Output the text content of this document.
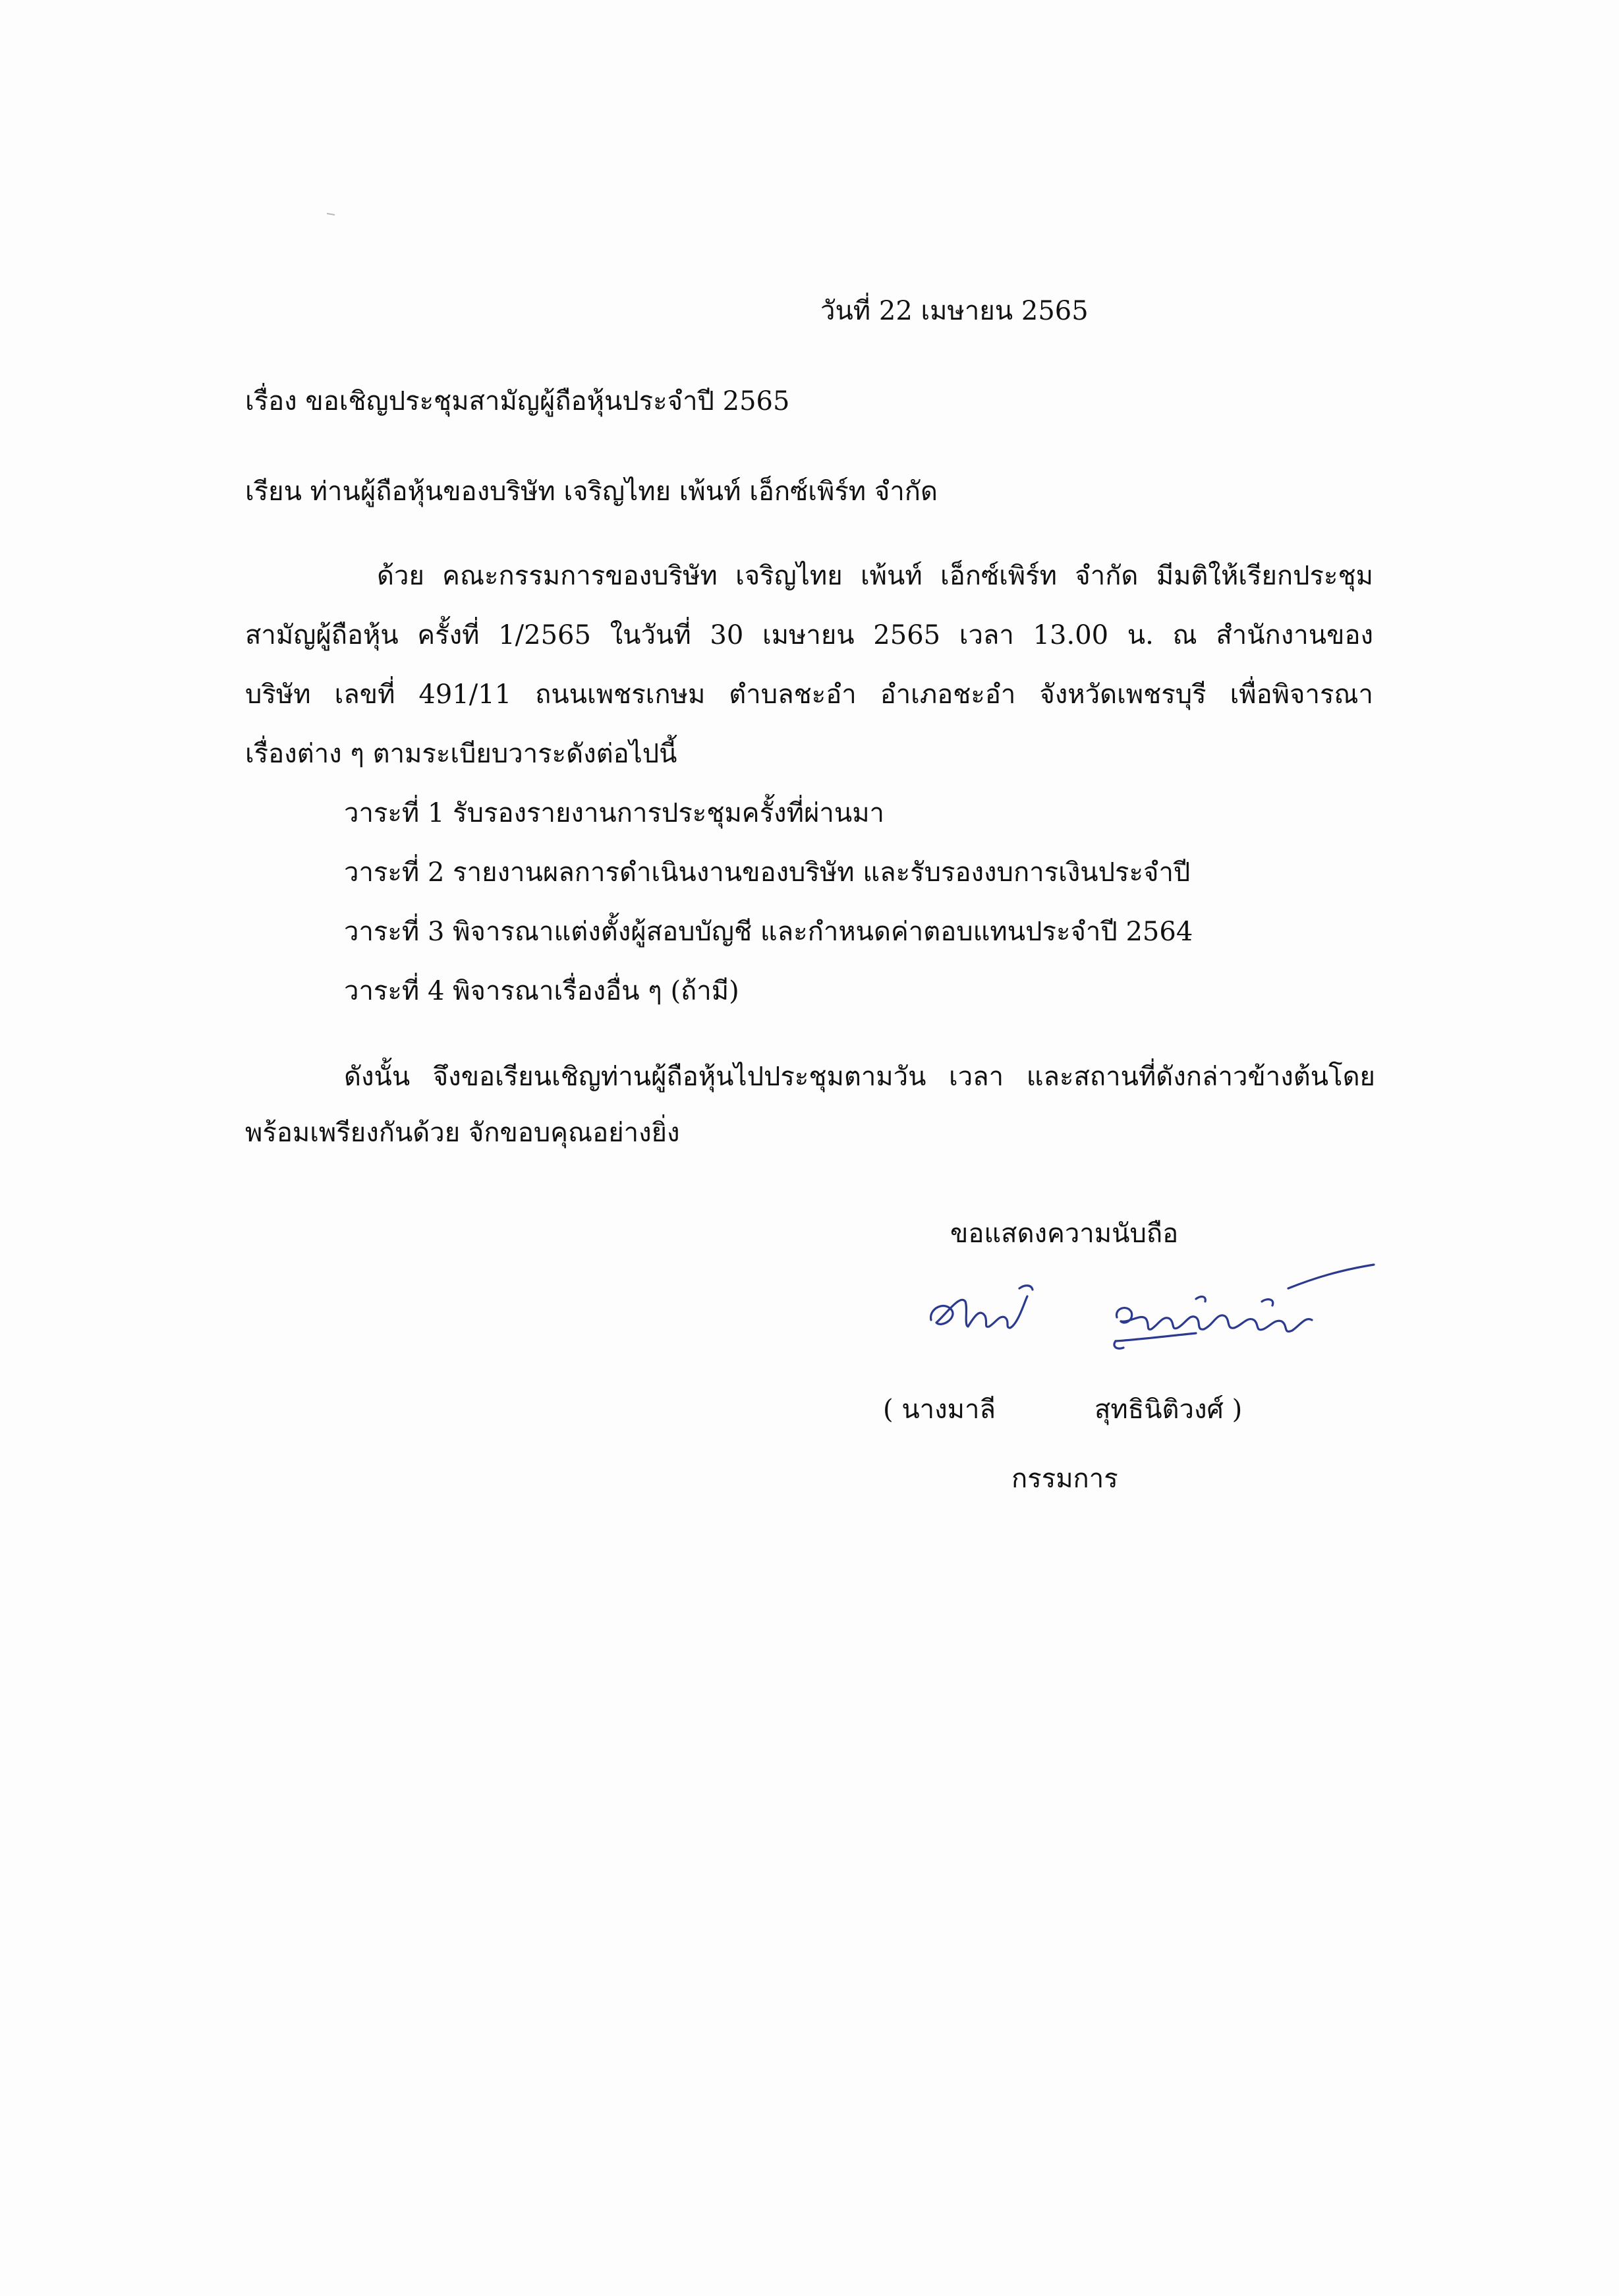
วันที่ 22 เมษายน 2565
เรื่อง ขอเชิญประชุมสามัญผู้ถือหุ้นประจำปี 2565
เรียน ท่านผู้ถือหุ้นของบริษัท เจริญไทย เพ้นท์ เอ็กซ์เพิร์ท จำกัด
ด้วย คณะกรรมการของบริษัท เจริญไทย เพ้นท์ เอ็กซ์เพิร์ท จำกัด มีมติให้เรียกประชุม
สามัญผู้ถือหุ้น ครั้งที่ 1/2565 ในวันที่ 30 เมษายน 2565 เวลา 13.00 น. ณ สำนักงานของ
บริษัท เลขที่ 491/11 ถนนเพชรเกษม ตำบลชะอำ อำเภอชะอำ จังหวัดเพชรบุรี เพื่อพิจารณา
เรื่องต่าง ๆ ตามระเบียบวาระดังต่อไปนี้
วาระที่ 1 รับรองรายงานการประชุมครั้งที่ผ่านมา
วาระที่ 2 รายงานผลการดำเนินงานของบริษัท และรับรองงบการเงินประจำปี
วาระที่ 3 พิจารณาแต่งตั้งผู้สอบบัญชี และกำหนดค่าตอบแทนประจำปี 2564
วาระที่ 4 พิจารณาเรื่องอื่น ๆ (ถ้ามี)
ดังนั้น จึงขอเรียนเชิญท่านผู้ถือหุ้นไปประชุมตามวัน เวลา และสถานที่ดังกล่าวข้างต้นโดย
พร้อมเพรียงกันด้วย จักขอบคุณอย่างยิ่ง
ขอแสดงความนับถือ
( นางมาลี	สุทธินิติวงศ์ )
กรรมการ
